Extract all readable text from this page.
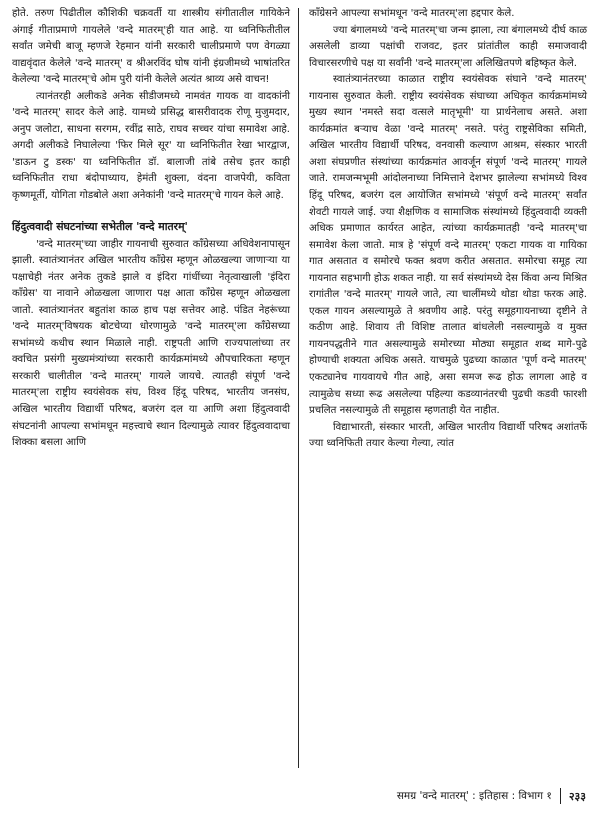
होते. तरुण पिढीतील कौशिकी चक्रवर्ती या शास्त्रीय संगीतातील गायिकेने अंगाई गीताप्रमाणे गायलेले 'वन्दे मातरम्'ही यात आहे. या ध्वनिफितीतील सर्वांत जमेची बाजू म्हणजे रेहमान यांनी सरकारी चालीप्रमाणे पण वेगळ्या वाद्यवृंदात केलेले 'वन्दे मातरम्' व श्रीअरविंद घोष यांनी इंग्रजीमध्ये भाषांतरित केलेल्या 'वन्दे मातरम्'चे ओम पुरी यांनी केलेले अत्यंत श्राव्य असे वाचन!

त्यानंतरही अलीकडे अनेक सीडीजमध्ये नामवंत गायक वा वादकांनी 'वन्दे मातरम्' सादर केले आहे. यामध्ये प्रसिद्ध बासरीवादक रोणू मुजुमदार, अनुप जलोटा, साधना सरगम, रवींद्र साठे, राघव सच्चर यांचा समावेश आहे. अगदी अलीकडे निघालेल्या 'फिर मिले सूर' या ध्वनिफितीत रेखा भारद्वाज, 'डाऊन टु डस्क' या ध्वनिफितीत डॉ. बालाजी तांबे तसेच इतर काही ध्वनिफितीत राधा बंदोपाध्याय, हेमंती शुक्ला, वंदना वाजपेयी, कविता कृष्णमूर्ती, योगिता गोडबोले अशा अनेकांनी 'वन्दे मातरम्'चे गायन केले आहे.

हिंदुत्ववादी संघटनांच्या सभेतील 'वन्दे मातरम्'

'वन्दे मातरम्'च्या जाहीर गायनाची सुरुवात काँग्रेसच्या अधिवेशनापासून झाली. स्वातंत्र्यानंतर अखिल भारतीय काँग्रेस म्हणून ओळखल्या जाणाऱ्या या पक्षाचेही नंतर अनेक तुकडे झाले व इंदिरा गांधींच्या नेतृत्वाखाली 'इंदिरा काँग्रेस' या नावाने ओळखला जाणारा पक्ष आता काँग्रेस म्हणून ओळखला जातो. स्वातंत्र्यानंतर बहुतांश काळ हाच पक्ष सत्तेवर आहे. पंडित नेहरूंच्या 'वन्दे मातरम्'विषयक बोटचेप्या धोरणामुळे 'वन्दे मातरम्'ला काँग्रेसच्या सभांमध्ये कधीच स्थान मिळाले नाही. राष्ट्रपती आणि राज्यपालांच्या तर क्वचित प्रसंगी मुख्यमंत्र्यांच्या सरकारी कार्यक्रमांमध्ये औपचारिकता म्हणून सरकारी चालीतील 'वन्दे मातरम्' गायले जायचे. त्यातही संपूर्ण 'वन्दे मातरम्'ला राष्ट्रीय स्वयंसेवक संघ, विश्व हिंदू परिषद, भारतीय जनसंघ, अखिल भारतीय विद्यार्थी परिषद, बजरंग दल या आणि अशा हिंदुत्ववादी संघटनांनी आपल्या सभांमधून महत्त्वाचे स्थान दिल्यामुळे त्यावर हिंदुत्ववादाचा शिक्का बसला आणि

काँग्रेसने आपल्या सभांमधून 'वन्दे मातरम्'ला हद्दपार केले.

ज्या बंगालमध्ये 'वन्दे मातरम्'चा जन्म झाला, त्या बंगालमध्ये दीर्घ काळ असलेली डाव्या पक्षांची राजवट, इतर प्रांतांतील काही समाजवादी विचारसरणीचे पक्ष या सर्वांनी 'वन्दे मातरम्'ला अलिखितपणे बहिष्कृत केले.

स्वातंत्र्यानंतरच्या काळात राष्ट्रीय स्वयंसेवक संघाने 'वन्दे मातरम्' गायनास सुरुवात केली. राष्ट्रीय स्वयंसेवक संघाच्या अधिकृत कार्यक्रमांमध्ये मुख्य स्थान 'नमस्ते सदा वत्सले मातृभूमी' या प्रार्थनेलाच असते. अशा कार्यक्रमांत बऱ्याच वेळा 'वन्दे मातरम्' नसते. परंतु राष्ट्रसेविका समिती, अखिल भारतीय विद्यार्थी परिषद, वनवासी कल्याण आश्रम, संस्कार भारती अशा संघप्रणीत संस्थांच्या कार्यक्रमांत आवर्जून संपूर्ण 'वन्दे मातरम्' गायले जाते. रामजन्मभूमी आंदोलनाच्या निमित्ताने देशभर झालेल्या सभांमध्ये विश्व हिंदू परिषद, बजरंग दल आयोजित सभांमध्ये 'संपूर्ण वन्दे मातरम्' सर्वांत शेवटी गायले जाई. ज्या शैक्षणिक व सामाजिक संस्थांमध्ये हिंदुत्ववादी व्यक्ती अधिक प्रमाणात कार्यरत आहेत, त्यांच्या कार्यक्रमातही 'वन्दे मातरम्'चा समावेश केला जातो. मात्र हे 'संपूर्ण वन्दे मातरम्' एकटा गायक वा गायिका गात असतात व समोरचे फक्त श्रवण करीत असतात. समोरचा समूह त्या गायनात सहभागी होऊ शकत नाही. या सर्व संस्थांमध्ये देस किंवा अन्य मिश्रित रागांतील 'वन्दे मातरम्' गायले जाते, त्या चालींमध्ये थोडा थोडा फरक आहे. एकल गायन असल्यामुळे ते श्रवणीय आहे. परंतु समूहगायनाच्या दृष्टीने ते कठीण आहे. शिवाय ती विशिष्ट तालात बांधलेली नसल्यामुळे व मुक्त गायनपद्धतीने गात असल्यामुळे समोरच्या मोठ्या समूहात शब्द मागे-पुढे होण्याची शक्यता अधिक असते. याचमुळे पुढच्या काळात 'पूर्ण वन्दे मातरम्' एकट्यानेच गायवायचे गीत आहे, असा समज रूढ होऊ लागला आहे व त्यामुळेच सध्या रूढ असलेल्या पहिल्या कडव्यानंतरची पुढची कडवी फारशी प्रचलित नसल्यामुळे ती समूहास म्हणताही येत नाहीत.

विद्याभारती, संस्कार भारती, अखिल भारतीय विद्यार्थी परिषद अशांतर्फे ज्या ध्वनिफिती तयार केल्या गेल्या, त्यांत

समग्र 'वन्दे मातरम्' : इतिहास : विभाग १ २३३
